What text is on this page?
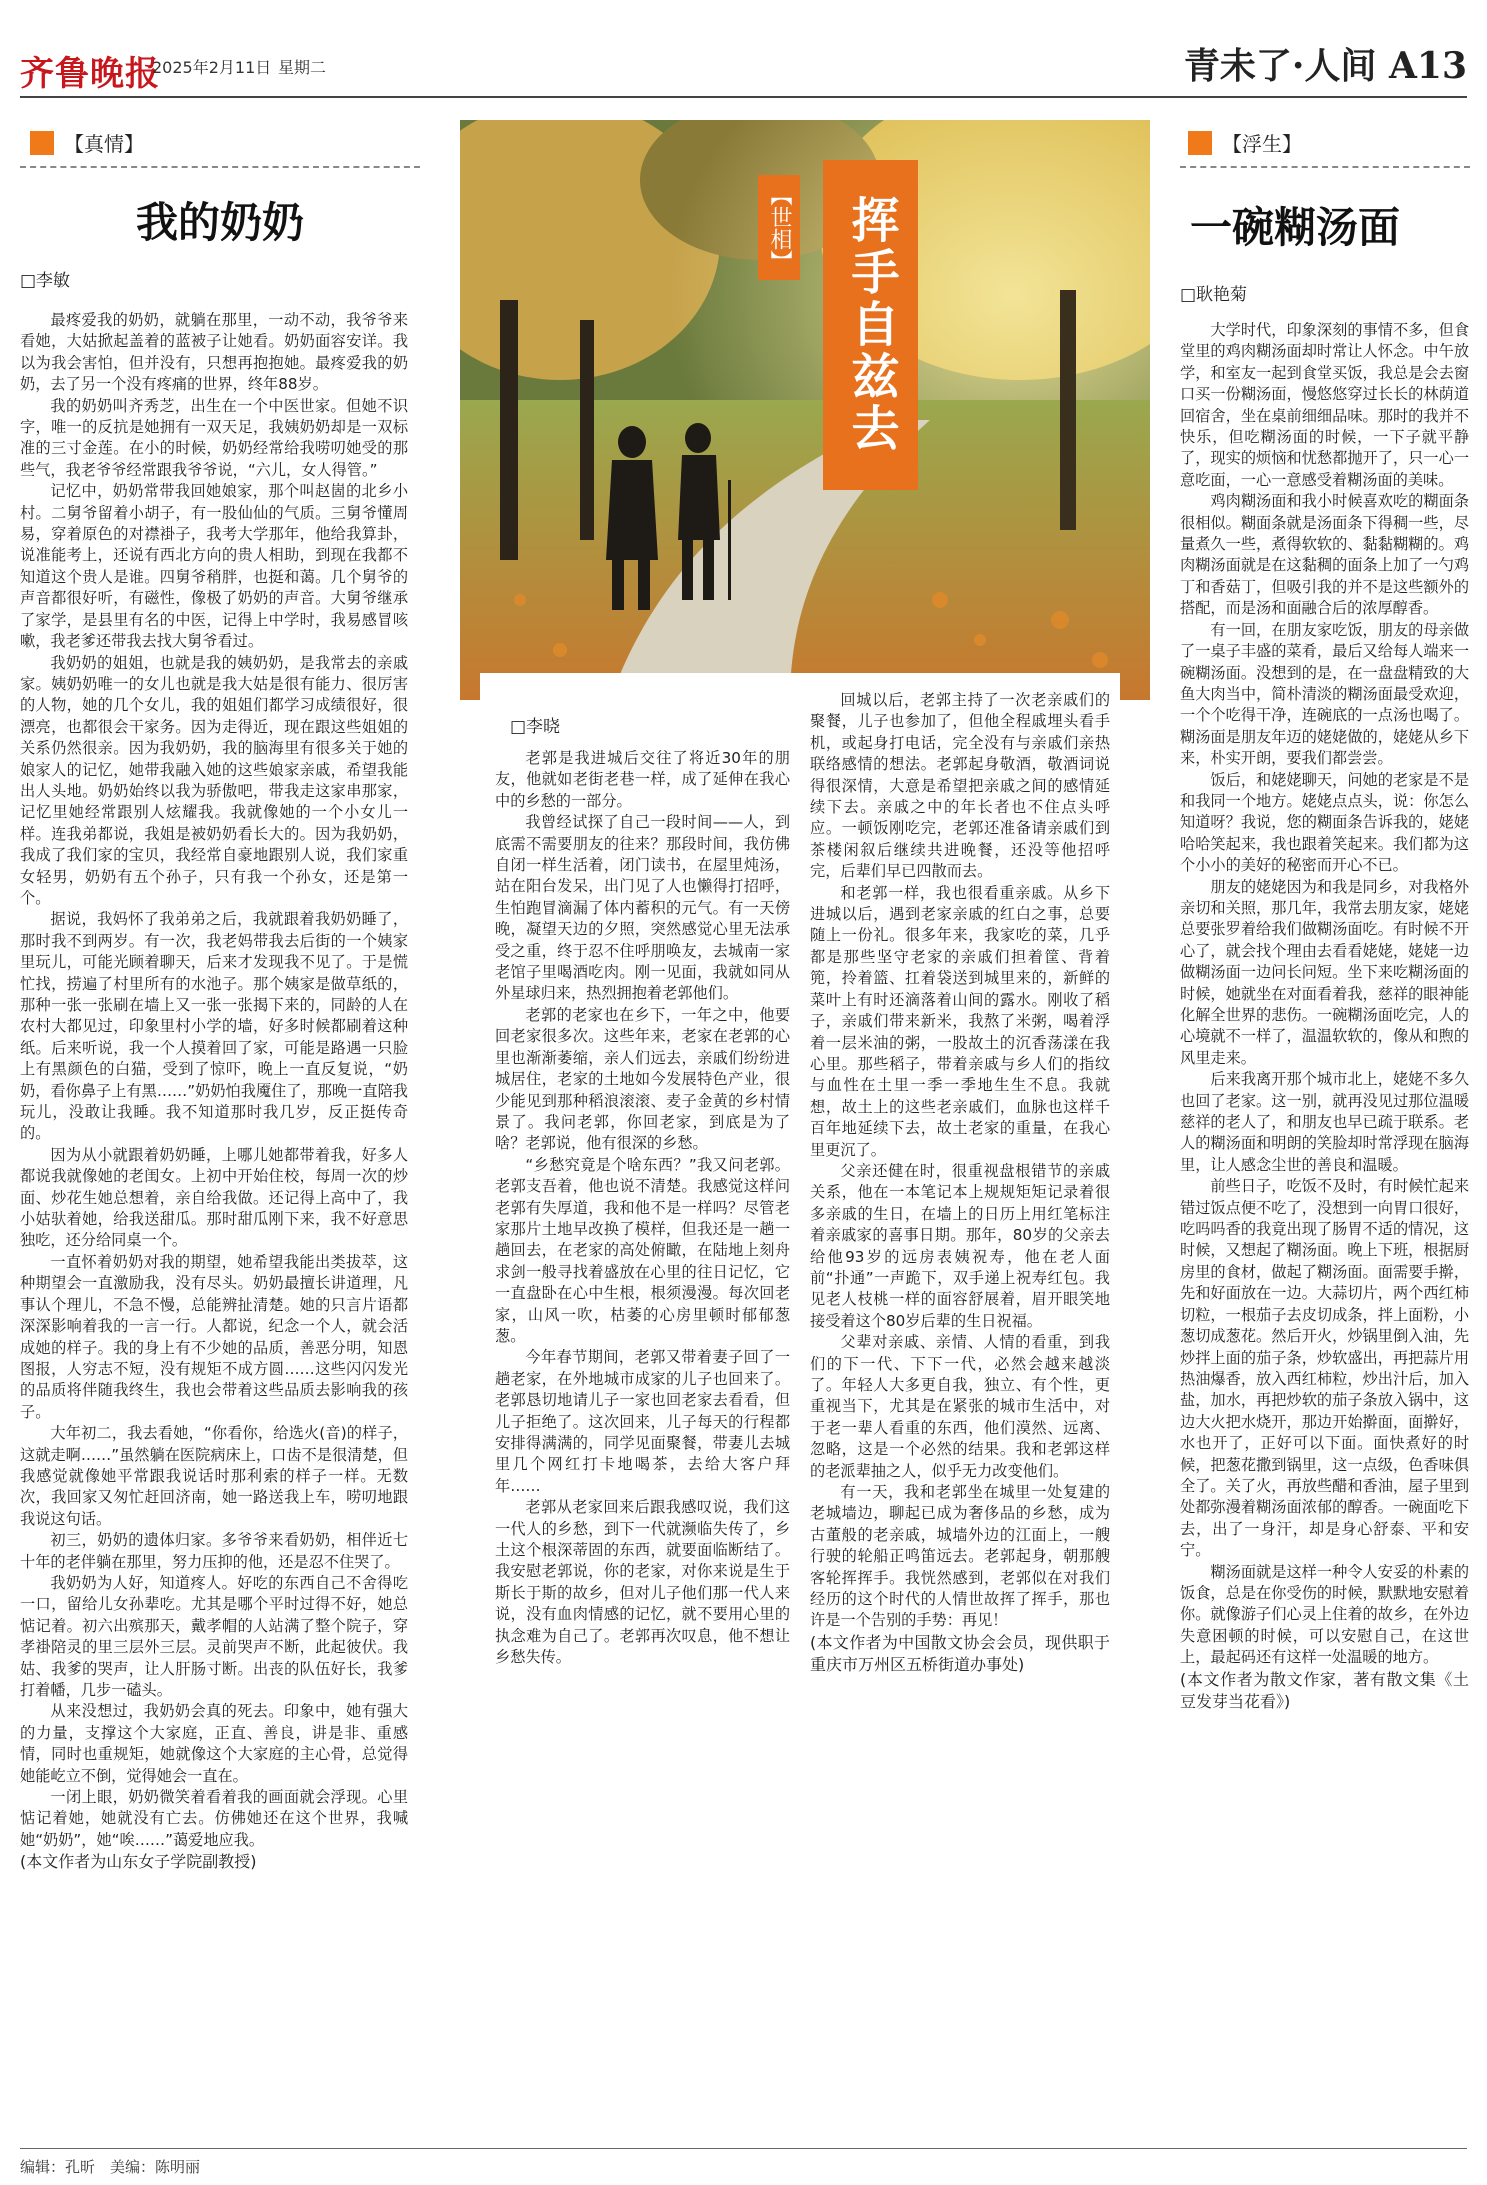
齐鲁晚报
2025年2月11日 星期二	青未了·人间 A13
【真情】
我的奶奶
□李敏

最疼爱我的奶奶，就躺在那里，一动不动，我爷爷来看她，大姑掀起盖着的蓝被子让她看。奶奶面容安详。我以为我会害怕，但并没有，只想再抱抱她。最疼爱我的奶奶，去了另一个没有疼痛的世界，终年88岁。

我的奶奶叫齐秀芝，出生在一个中医世家。但她不识字，唯一的反抗是她拥有一双天足，我姨奶奶却是一双标准的三寸金莲。在小的时候，奶奶经常给我唠叨她受的那些气，我老爷爷经常跟我爷爷说，“六儿，女人得管。”

记忆中，奶奶常带我回她娘家，那个叫赵崮的北乡小村。二舅爷留着小胡子，有一股仙仙的气质。三舅爷懂周易，穿着原色的对襟褂子，我考大学那年，他给我算卦，说准能考上，还说有西北方向的贵人相助，到现在我都不知道这个贵人是谁。四舅爷稍胖，也挺和蔼。几个舅爷的声音都很好听，有磁性，像极了奶奶的声音。大舅爷继承了家学，是县里有名的中医，记得上中学时，我易感冒咳嗽，我老爹还带我去找大舅爷看过。

我奶奶的姐姐，也就是我的姨奶奶，是我常去的亲戚家。姨奶奶唯一的女儿也就是我大姑是很有能力、很厉害的人物，她的几个女儿，我的姐姐们都学习成绩很好，很漂亮，也都很会干家务。因为走得近，现在跟这些姐姐的关系仍然很亲。因为我奶奶，我的脑海里有很多关于她的娘家人的记忆，她带我融入她的这些娘家亲戚，希望我能出人头地。奶奶始终以我为骄傲吧，带我走这家串那家，记忆里她经常跟别人炫耀我。我就像她的一个小女儿一样。连我弟都说，我姐是被奶奶看长大的。因为我奶奶，我成了我们家的宝贝，我经常自豪地跟别人说，我们家重女轻男，奶奶有五个孙子，只有我一个孙女，还是第一个。

据说，我妈怀了我弟弟之后，我就跟着我奶奶睡了，那时我不到两岁。有一次，我老妈带我去后街的一个姨家里玩儿，可能光顾着聊天，后来才发现我不见了。于是慌忙找，捞遍了村里所有的水池子。那个姨家是做草纸的，那种一张一张刷在墙上又一张一张揭下来的，同龄的人在农村大都见过，印象里村小学的墙，好多时候都刷着这种纸。后来听说，我一个人摸着回了家，可能是路遇一只脸上有黑颜色的白猫，受到了惊吓，晚上一直反复说，“奶奶，看你鼻子上有黑……”奶奶怕我魇住了，那晚一直陪我玩儿，没敢让我睡。我不知道那时我几岁，反正挺传奇的。

因为从小就跟着奶奶睡，上哪儿她都带着我，好多人都说我就像她的老闺女。上初中开始住校，每周一次的炒面、炒花生她总想着，亲自给我做。还记得上高中了，我小姑驮着她，给我送甜瓜。那时甜瓜刚下来，我不好意思独吃，还分给同桌一个。

一直怀着奶奶对我的期望，她希望我能出类拔萃，这种期望会一直激励我，没有尽头。奶奶最擅长讲道理，凡事认个理儿，不急不慢，总能辨扯清楚。她的只言片语都深深影响着我的一言一行。人都说，纪念一个人，就会活成她的样子。我的身上有不少她的品质，善恶分明，知恩图报，人穷志不短，没有规矩不成方圆……这些闪闪发光的品质将伴随我终生，我也会带着这些品质去影响我的孩子。

大年初二，我去看她，“你看你，给选火(音)的样子，这就走啊……”虽然躺在医院病床上，口齿不是很清楚，但我感觉就像她平常跟我说话时那利索的样子一样。无数次，我回家又匆忙赶回济南，她一路送我上车，唠叨地跟我说这句话。

初三，奶奶的遗体归家。多爷爷来看奶奶，相伴近七十年的老伴躺在那里，努力压抑的他，还是忍不住哭了。

我奶奶为人好，知道疼人。好吃的东西自己不舍得吃一口，留给儿女孙辈吃。尤其是哪个平时过得不好，她总惦记着。初六出殡那天，戴孝帽的人站满了整个院子，穿孝褂陪灵的里三层外三层。灵前哭声不断，此起彼伏。我姑、我爹的哭声，让人肝肠寸断。出丧的队伍好长，我爹打着幡，几步一磕头。

从来没想过，我奶奶会真的死去。印象中，她有强大的力量，支撑这个大家庭，正直、善良，讲是非、重感情，同时也重规矩，她就像这个大家庭的主心骨，总觉得她能屹立不倒，觉得她会一直在。

一闭上眼，奶奶微笑着看着我的画面就会浮现。心里惦记着她，她就没有亡去。仿佛她还在这个世界，我喊她“奶奶”，她“唉……”蔼爱地应我。

(本文作者为山东女子学院副教授)
【世相】	挥手自兹去
□李晓

老郭是我进城后交往了将近30年的朋友，他就如老街老巷一样，成了延伸在我心中的乡愁的一部分。

我曾经试探了自己一段时间——人，到底需不需要朋友的往来？那段时间，我仿佛自闭一样生活着，闭门读书，在屋里炖汤，站在阳台发呆，出门见了人也懒得打招呼，生怕跑冒滴漏了体内蓄积的元气。有一天傍晚，凝望天边的夕照，突然感觉心里无法承受之重，终于忍不住呼朋唤友，去城南一家老馆子里喝酒吃肉。刚一见面，我就如同从外星球归来，热烈拥抱着老郭他们。

老郭的老家也在乡下，一年之中，他要回老家很多次。这些年来，老家在老郭的心里也渐渐萎缩，亲人们远去，亲戚们纷纷进城居住，老家的土地如今发展特色产业，很少能见到那种稻浪滚滚、麦子金黄的乡村情景了。我问老郭，你回老家，到底是为了啥？老郭说，他有很深的乡愁。

“乡愁究竟是个啥东西？”我又问老郭。老郭支吾着，他也说不清楚。我感觉这样问老郭有失厚道，我和他不是一样吗？尽管老家那片土地早改换了模样，但我还是一趟一趟回去，在老家的高处俯瞰，在陆地上刻舟求剑一般寻找着盛放在心里的往日记忆，它一直盘卧在心中生根，根须漫漫。每次回老家，山风一吹，枯萎的心房里顿时郁郁葱葱。

今年春节期间，老郭又带着妻子回了一趟老家，在外地城市成家的儿子也回来了。老郭恳切地请儿子一家也回老家去看看，但儿子拒绝了。这次回来，儿子每天的行程都安排得满满的，同学见面聚餐，带妻儿去城里几个网红打卡地喝茶，去给大客户拜年……

老郭从老家回来后跟我感叹说，我们这一代人的乡愁，到下一代就濒临失传了，乡土这个根深蒂固的东西，就要面临断结了。我安慰老郭说，你的老家，对你来说是生于斯长于斯的故乡，但对儿子他们那一代人来说，没有血肉情感的记忆，就不要用心里的执念难为自己了。老郭再次叹息，他不想让乡愁失传。

回城以后，老郭主持了一次老亲戚们的聚餐，儿子也参加了，但他全程戚埋头看手机，或起身打电话，完全没有与亲戚们亲热联络感情的想法。老郭起身敬酒，敬酒词说得很深情，大意是希望把亲戚之间的感情延续下去。亲戚之中的年长者也不住点头呼应。一顿饭刚吃完，老郭还准备请亲戚们到茶楼闲叙后继续共进晚餐，还没等他招呼完，后辈们早已四散而去。

和老郭一样，我也很看重亲戚。从乡下进城以后，遇到老家亲戚的红白之事，总要随上一份礼。很多年来，我家吃的菜，几乎都是那些坚守老家的亲戚们担着筐、背着篼，拎着篮、扛着袋送到城里来的，新鲜的菜叶上有时还滴落着山间的露水。刚收了稻子，亲戚们带来新米，我熬了米粥，喝着浮着一层米油的粥，一股故土的沉香荡漾在我心里。那些稻子，带着亲戚与乡人们的指纹与血性在土里一季一季地生生不息。我就想，故土上的这些老亲戚们，血脉也这样千百年地延续下去，故土老家的重量，在我心里更沉了。

父亲还健在时，很重视盘根错节的亲戚关系，他在一本笔记本上规规矩矩记录着很多亲戚的生日，在墙上的日历上用红笔标注着亲戚家的喜事日期。那年，80岁的父亲去给他93岁的远房表姨祝寿，他在老人面前“扑通”一声跪下，双手递上祝寿红包。我见老人枝桃一样的面容舒展着，眉开眼笑地接受着这个80岁后辈的生日祝福。

父辈对亲戚、亲情、人情的看重，到我们的下一代、下下一代，必然会越来越淡了。年轻人大多更自我，独立、有个性，更重视当下，尤其是在紧张的城市生活中，对于老一辈人看重的东西，他们漠然、远离、忽略，这是一个必然的结果。我和老郭这样的老派辈抽之人，似乎无力改变他们。

有一天，我和老郭坐在城里一处复建的老城墙边，聊起已成为奢侈品的乡愁，成为古董般的老亲戚，城墙外边的江面上，一艘行驶的轮船正鸣笛远去。老郭起身，朝那艘客轮挥挥手。我恍然感到，老郭似在对我们经历的这个时代的人情世故挥了挥手，那也许是一个告别的手势：再见！

(本文作者为中国散文协会会员，现供职于重庆市万州区五桥街道办事处)
【浮生】
一碗糊汤面
□耿艳菊

大学时代，印象深刻的事情不多，但食堂里的鸡肉糊汤面却时常让人怀念。中午放学，和室友一起到食堂买饭，我总是会去窗口买一份糊汤面，慢悠悠穿过长长的林荫道回宿舍，坐在桌前细细品味。那时的我并不快乐，但吃糊汤面的时候，一下子就平静了，现实的烦恼和忧愁都抛开了，只一心一意吃面，一心一意感受着糊汤面的美味。

鸡肉糊汤面和我小时候喜欢吃的糊面条很相似。糊面条就是汤面条下得稠一些，尽量煮久一些，煮得软软的、黏黏糊糊的。鸡肉糊汤面就是在这黏稠的面条上加了一勺鸡丁和香菇丁，但吸引我的并不是这些额外的搭配，而是汤和面融合后的浓厚醇香。

有一回，在朋友家吃饭，朋友的母亲做了一桌子丰盛的菜肴，最后又给每人端来一碗糊汤面。没想到的是，在一盘盘精致的大鱼大肉当中，简朴清淡的糊汤面最受欢迎，一个个吃得干净，连碗底的一点汤也喝了。糊汤面是朋友年迈的姥姥做的，姥姥从乡下来，朴实开朗，要我们都尝尝。

饭后，和姥姥聊天，问她的老家是不是和我同一个地方。姥姥点点头，说：你怎么知道呀？我说，您的糊面条告诉我的，姥姥哈哈笑起来，我也跟着笑起来。我们都为这个小小的美好的秘密而开心不已。

朋友的姥姥因为和我是同乡，对我格外亲切和关照，那几年，我常去朋友家，姥姥总要张罗着给我们做糊汤面吃。有时候不开心了，就会找个理由去看看姥姥，姥姥一边做糊汤面一边问长问短。坐下来吃糊汤面的时候，她就坐在对面看着我，慈祥的眼神能化解全世界的悲伤。一碗糊汤面吃完，人的心境就不一样了，温温软软的，像从和煦的风里走来。

后来我离开那个城市北上，姥姥不多久也回了老家。这一别，就再没见过那位温暖慈祥的老人了，和朋友也早已疏于联系。老人的糊汤面和明朗的笑脸却时常浮现在脑海里，让人感念尘世的善良和温暖。

前些日子，吃饭不及时，有时候忙起来错过饭点便不吃了，没想到一向胃口很好，吃吗吗香的我竟出现了肠胃不适的情况，这时候，又想起了糊汤面。晚上下班，根据厨房里的食材，做起了糊汤面。面需要手擀，先和好面放在一边。大蒜切片，两个西红柿切粒，一根茄子去皮切成条，拌上面粉，小葱切成葱花。然后开火，炒锅里倒入油，先炒拌上面的茄子条，炒软盛出，再把蒜片用热油爆香，放入西红柿粒，炒出汁后，加入盐，加水，再把炒软的茄子条放入锅中，这边大火把水烧开，那边开始擀面，面擀好，水也开了，正好可以下面。面快煮好的时候，把葱花撒到锅里，这一点级，色香味俱全了。关了火，再放些醋和香油，屋子里到处都弥漫着糊汤面浓郁的醇香。一碗面吃下去，出了一身汗，却是身心舒泰、平和安宁。

糊汤面就是这样一种令人安妥的朴素的饭食，总是在你受伤的时候，默默地安慰着你。就像游子们心灵上住着的故乡，在外边失意困顿的时候，可以安慰自己，在这世上，最起码还有这样一处温暖的地方。

(本文作者为散文作家，著有散文集《土豆发芽当花看》)
编辑：孔昕　美编：陈明丽
